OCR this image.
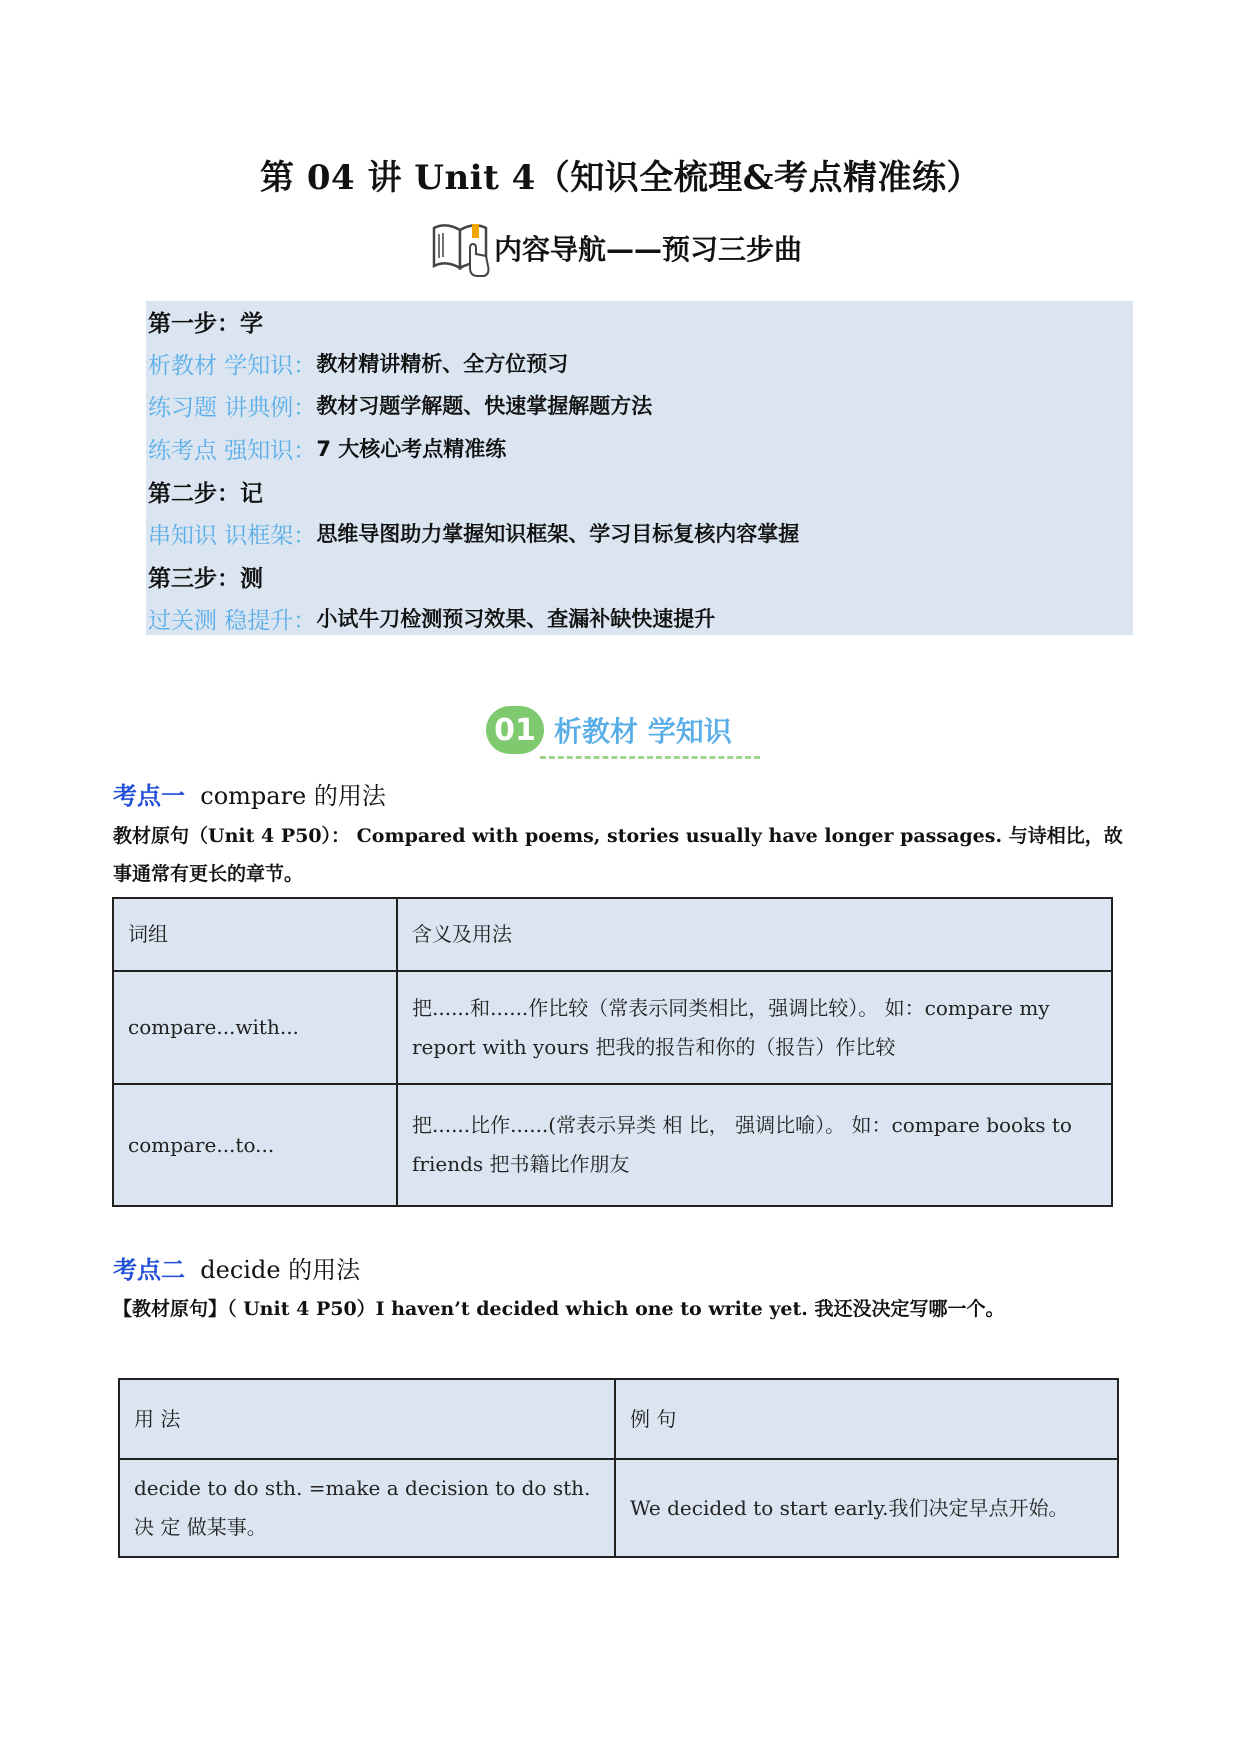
第 04 讲 Unit 4（知识全梳理&考点精准练）
内容导航——预习三步曲
第一步：学
析教材 学知识： 教材精讲精析、全方位预习
练习题 讲典例： 教材习题学解题、快速掌握解题方法
练考点 强知识： 7 大核心考点精准练
第二步：记
串知识 识框架： 思维导图助力掌握知识框架、学习目标复核内容掌握
第三步：测
过关测 稳提升： 小试牛刀检测预习效果、查漏补缺快速提升
01 析教材 学知识
考点一 compare 的用法
教材原句（Unit 4 P50）： Compared with poems, stories usually have longer passages. 与诗相比，故事通常有更长的章节。
词组	含义及用法
compare...with...	把......和......作比较（常表示同类相比，强调比较）。 如：compare my report with yours 把我的报告和你的（报告）作比较
compare...to...	把......比作......(常表示异类 相 比， 强调比喻）。 如：compare books to friends 把书籍比作朋友
考点二 decide 的用法
【教材原句】（ Unit 4 P50）I haven’t decided which one to write yet. 我还没决定写哪一个。
用 法	例 句
decide to do sth. =make a decision to do sth. 决 定 做某事。	We decided to start early.我们决定早点开始。
